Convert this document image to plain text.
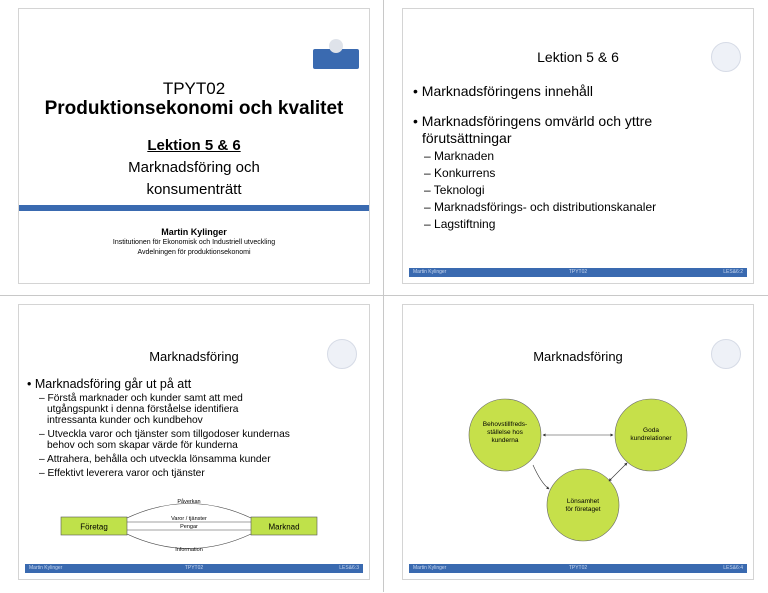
TPYT02
Produktionsekonomi och kvalitet
Lektion 5 & 6
Marknadsföring och
konsumenträtt
Martin Kylinger
Institutionen för Ekonomisk och Industriell utveckling
Avdelningen för produktionsekonomi
Lektion 5 & 6
• Marknadsföringens innehåll
• Marknadsföringens omvärld och yttre
förutsättningar
– Marknaden
– Konkurrens
– Teknologi
– Marknadsförings- och distributionskanaler
– Lagstiftning
Martin Kylinger	TPYT02	LES&6:2
Marknadsföring
• Marknadsföring går ut på att
– Förstå marknader och kunder samt att med
utgångspunkt i denna förståelse identifiera
intressanta kunder och kundbehov
– Utveckla varor och tjänster som tillgodoser kundernas
behov och som skapar värde för kunderna
– Attrahera, behålla och utveckla lönsamma kunder
– Effektivt leverera varor och tjänster
Företag	Marknad
Påverkan
Varor / tjänster
Pengar
Information
Martin Kylinger	TPYT02	LES&6:3
Marknadsföring
Behovstillfreds-
ställelse hos
kunderna
Goda
kundrelationer
Lönsamhet
för företaget
Martin Kylinger	TPYT02	LES&6:4
